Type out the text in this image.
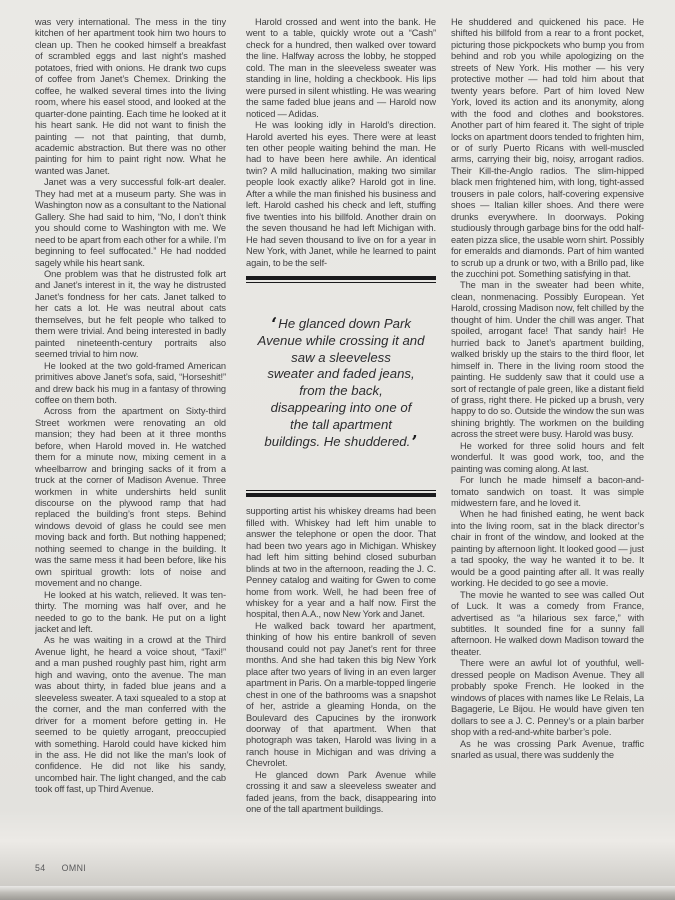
was very international. The mess in the tiny kitchen of her apartment took him two hours to clean up. Then he cooked himself a breakfast of scrambled eggs and last night’s mashed potatoes, fried with onions. He drank two cups of coffee from Janet’s Chemex. Drinking the coffee, he walked several times into the living room, where his easel stood, and looked at the quarter-done painting. Each time he looked at it his heart sank. He did not want to finish the painting — not that painting, that dumb, academic abstraction. But there was no other painting for him to paint right now. What he wanted was Janet.

Janet was a very successful folk-art dealer. They had met at a museum party. She was in Washington now as a consultant to the National Gallery. She had said to him, “No, I don’t think you should come to Washington with me. We need to be apart from each other for a while. I’m beginning to feel suffocated.” He had nodded sagely while his heart sank.

One problem was that he distrusted folk art and Janet’s interest in it, the way he distrusted Janet’s fondness for her cats. Janet talked to her cats a lot. He was neutral about cats themselves, but he felt people who talked to them were trivial. And being interested in badly painted nineteenth-century portraits also seemed trivial to him now.

He looked at the two gold-framed American primitives above Janet’s sofa, said, “Horseshit!” and drew back his mug in a fantasy of throwing coffee on them both.

Across from the apartment on Sixty-third Street workmen were renovating an old mansion; they had been at it three months before, when Harold moved in. He watched them for a minute now, mixing cement in a wheelbarrow and bringing sacks of it from a truck at the corner of Madison Avenue. Three workmen in white undershirts held sunlit discourse on the plywood ramp that had replaced the building’s front steps. Behind windows devoid of glass he could see men moving back and forth. But nothing happened; nothing seemed to change in the building. It was the same mess it had been before, like his own spiritual growth: lots of noise and movement and no change.

He looked at his watch, relieved. It was ten-thirty. The morning was half over, and he needed to go to the bank. He put on a light jacket and left.

As he was waiting in a crowd at the Third Avenue light, he heard a voice shout, “Taxi!” and a man pushed roughly past him, right arm high and waving, onto the avenue. The man was about thirty, in faded blue jeans and a sleeveless sweater. A taxi squealed to a stop at the corner, and the man conferred with the driver for a moment before getting in. He seemed to be quietly arrogant, preoccupied with something. Harold could have kicked him in the ass. He did not like the man’s look of confidence. He did not like his sandy, uncombed hair. The light changed, and the cab took off fast, up Third Avenue.

Harold crossed and went into the bank. He went to a table, quickly wrote out a “Cash” check for a hundred, then walked over toward the line. Halfway across the lobby, he stopped cold. The man in the sleeveless sweater was standing in line, holding a checkbook. His lips were pursed in silent whistling. He was wearing the same faded blue jeans and — Harold now noticed — Adidas.

He was looking idly in Harold’s direction. Harold averted his eyes. There were at least ten other people waiting behind the man. He had to have been here awhile. An identical twin? A mild hallucination, making two similar people look exactly alike? Harold got in line. After a while the man finished his business and left. Harold cashed his check and left, stuffing five twenties into his billfold. Another drain on the seven thousand he had left Michigan with. He had seven thousand to live on for a year in New York, with Janet, while he learned to paint again, to be the self-

‘He glanced down Park
Avenue while crossing it and
saw a sleeveless
sweater and faded jeans,
from the back,
disappearing into one of
the tall apartment
buildings. He shuddered.’

supporting artist his whiskey dreams had been filled with. Whiskey had left him unable to answer the telephone or open the door. That had been two years ago in Michigan. Whiskey had left him sitting behind closed suburban blinds at two in the afternoon, reading the J. C. Penney catalog and waiting for Gwen to come home from work. Well, he had been free of whiskey for a year and a half now. First the hospital, then A.A., now New York and Janet.

He walked back toward her apartment, thinking of how his entire bankroll of seven thousand could not pay Janet’s rent for three months. And she had taken this big New York place after two years of living in an even larger apartment in Paris. On a marble-topped lingerie chest in one of the bathrooms was a snapshot of her, astride a gleaming Honda, on the Boulevard des Capucines by the ironwork doorway of that apartment. When that photograph was taken, Harold was living in a ranch house in Michigan and was driving a Chevrolet.

He glanced down Park Avenue while crossing it and saw a sleeveless sweater and faded jeans, from the back, disappearing into one of the tall apartment buildings.

He shuddered and quickened his pace. He shifted his billfold from a rear to a front pocket, picturing those pickpockets who bump you from behind and rob you while apologizing on the streets of New York. His mother — his very protective mother — had told him about that twenty years before. Part of him loved New York, loved its action and its anonymity, along with the food and clothes and bookstores. Another part of him feared it. The sight of triple locks on apartment doors tended to frighten him, or of surly Puerto Ricans with well-muscled arms, carrying their big, noisy, arrogant radios. Their Kill-the-Anglo radios. The slim-hipped black men frightened him, with long, tight-assed trousers in pale colors, half-covering expensive shoes — Italian killer shoes. And there were drunks everywhere. In doorways. Poking studiously through garbage bins for the odd half-eaten pizza slice, the usable worn shirt. Possibly for emeralds and diamonds. Part of him wanted to scrub up a drunk or two, with a Brillo pad, like the zucchini pot. Something satisfying in that.

The man in the sweater had been white, clean, nonmenacing. Possibly European. Yet Harold, crossing Madison now, felt chilled by the thought of him. Under the chill was anger. That spoiled, arrogant face! That sandy hair! He hurried back to Janet’s apartment building, walked briskly up the stairs to the third floor, let himself in. There in the living room stood the painting. He suddenly saw that it could use a sort of rectangle of pale green, like a distant field of grass, right there. He picked up a brush, very happy to do so. Outside the window the sun was shining brightly. The workmen on the building across the street were busy. Harold was busy.

He worked for three solid hours and felt wonderful. It was good work, too, and the painting was coming along. At last.

For lunch he made himself a bacon-and-tomato sandwich on toast. It was simple midwestern fare, and he loved it.

When he had finished eating, he went back into the living room, sat in the black director’s chair in front of the window, and looked at the painting by afternoon light. It looked good — just a tad spooky, the way he wanted it to be. It would be a good painting after all. It was really working. He decided to go see a movie.

The movie he wanted to see was called Out of Luck. It was a comedy from France, advertised as “a hilarious sex farce,” with subtitles. It sounded fine for a sunny fall afternoon. He walked down Madison toward the theater.

There were an awful lot of youthful, well-dressed people on Madison Avenue. They all probably spoke French. He looked in the windows of places with names like Le Relais, La Bagagerie, Le Bijou. He would have given ten dollars to see a J. C. Penney’s or a plain barber shop with a red-and-white barber’s pole.

As he was crossing Park Avenue, traffic snarled as usual, there was suddenly the

54 OMNI
